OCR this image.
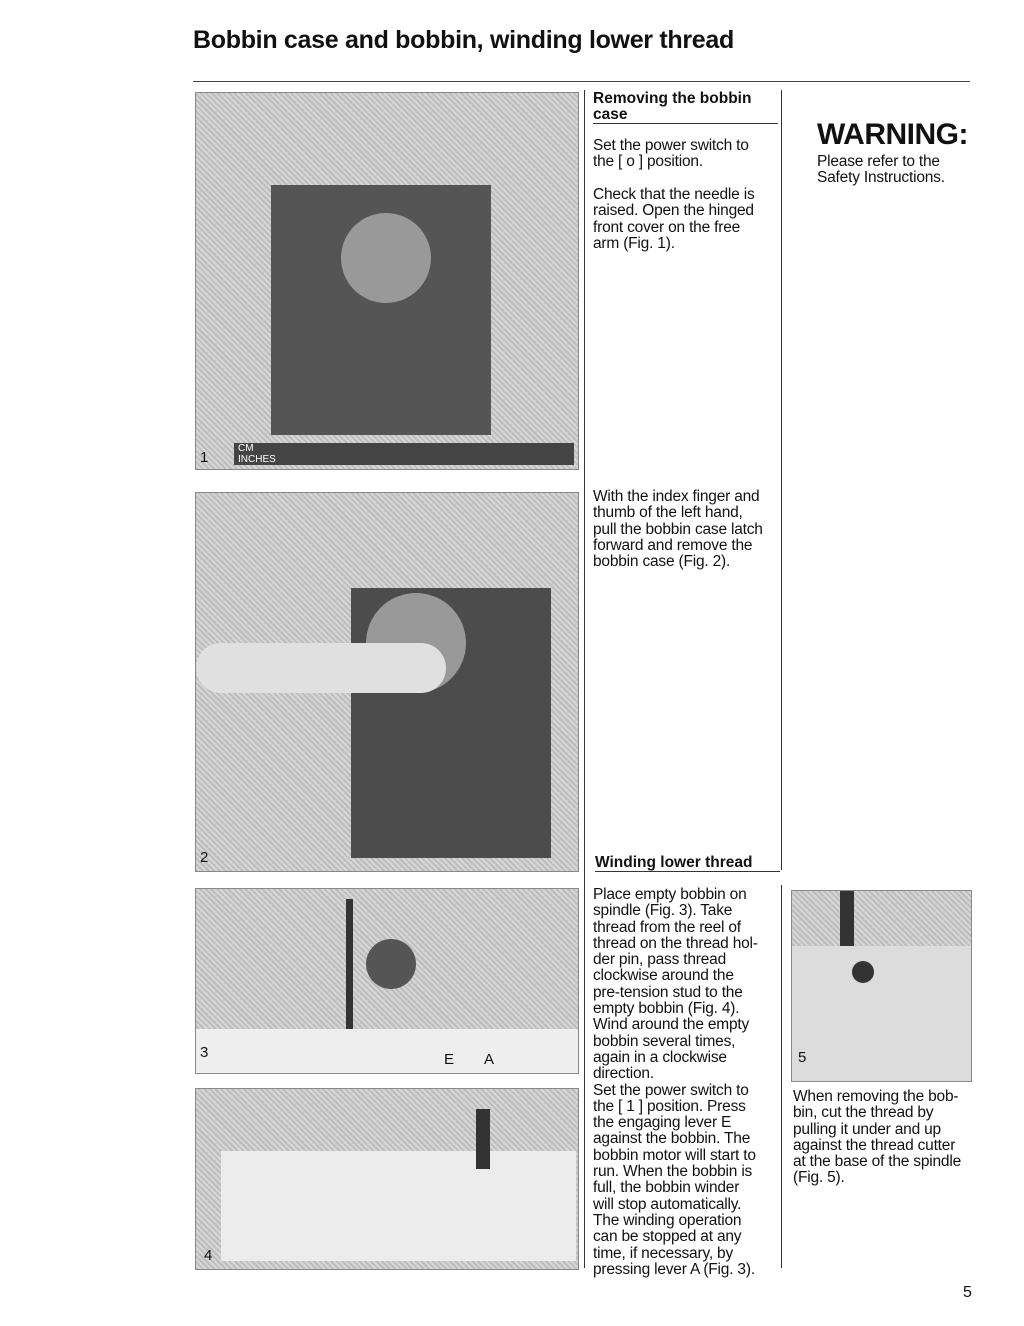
Bobbin case and bobbin, winding lower thread
CM
INCHES
1
2
3	E A
4
5
Removing the bobbin
case
Set the power switch to
the [ o ] position.
Check that the needle is
raised. Open the hinged
front cover on the free
arm (Fig. 1).
With the index finger and
thumb of the left hand,
pull the bobbin case latch
forward and remove the
bobbin case (Fig. 2).
WARNING:
Please refer to the
Safety Instructions.
Winding lower thread
Place empty bobbin on
spindle (Fig. 3). Take
thread from the reel of
thread on the thread hol-
der pin, pass thread
clockwise around the
pre-tension stud to the
empty bobbin (Fig. 4).
Wind around the empty
bobbin several times,
again in a clockwise
direction.
Set the power switch to
the [ 1 ] position. Press
the engaging lever E
against the bobbin. The
bobbin motor will start to
run. When the bobbin is
full, the bobbin winder
will stop automatically.
The winding operation
can be stopped at any
time, if necessary, by
pressing lever A (Fig. 3).
When removing the bob-
bin, cut the thread by
pulling it under and up
against the thread cutter
at the base of the spindle
(Fig. 5).
5
